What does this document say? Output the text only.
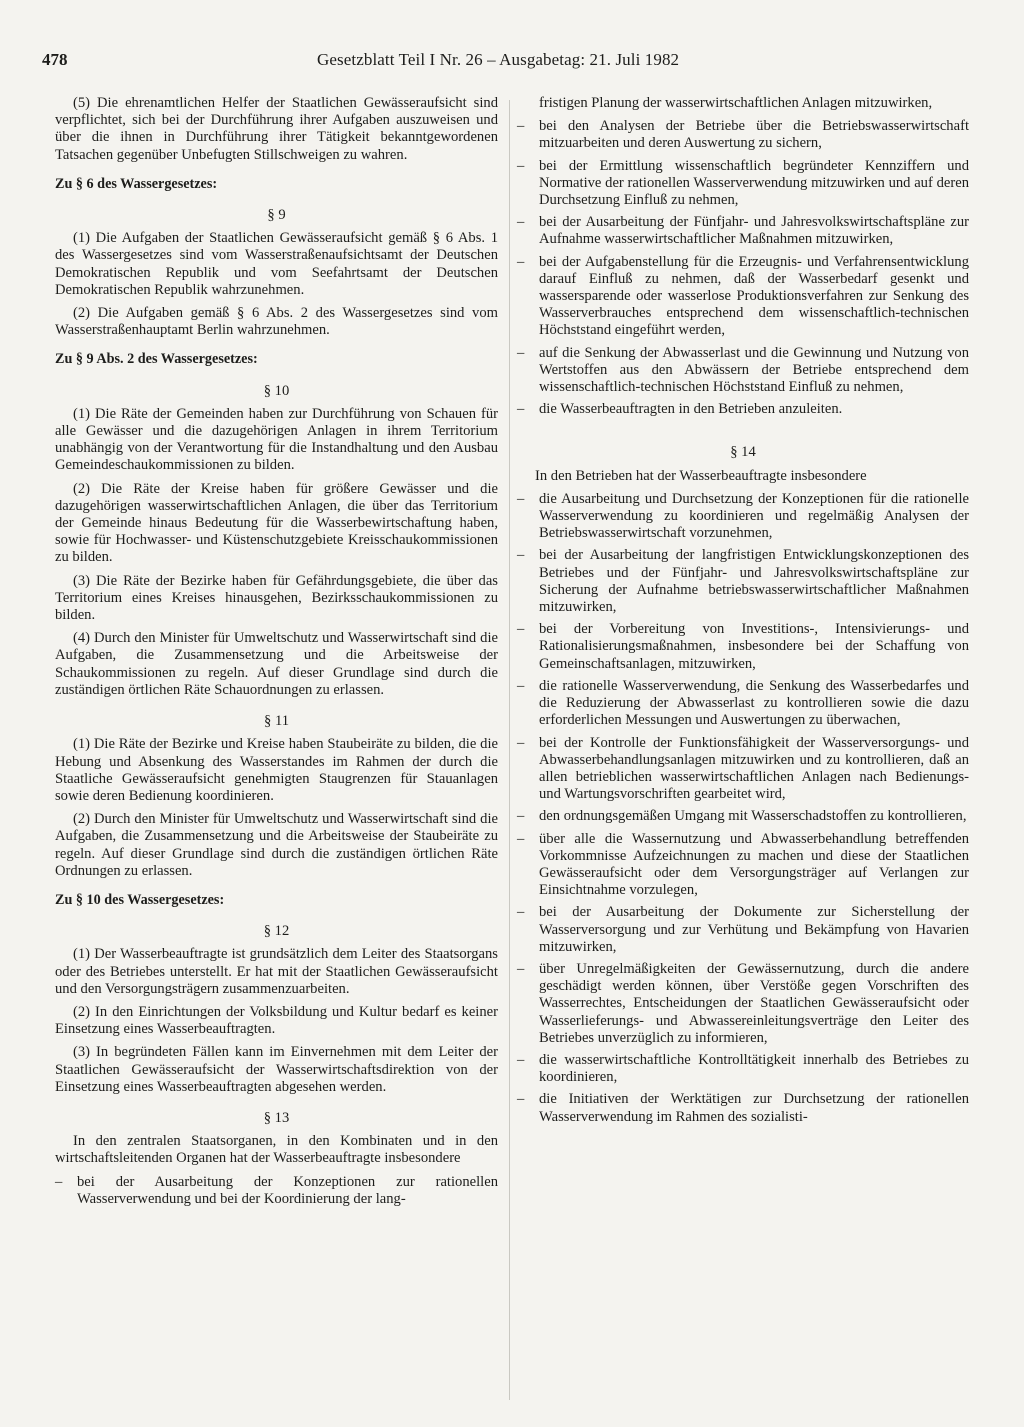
478	Gesetzblatt Teil I Nr. 26 – Ausgabetag: 21. Juli 1982

(5) Die ehrenamtlichen Helfer der Staatlichen Gewässeraufsicht sind verpflichtet, sich bei der Durchführung ihrer Aufgaben auszuweisen und über die ihnen in Durchführung ihrer Tätigkeit bekanntgewordenen Tatsachen gegenüber Unbefugten Stillschweigen zu wahren.

Zu § 6 des Wassergesetzes:
§ 9

(1) Die Aufgaben der Staatlichen Gewässeraufsicht gemäß § 6 Abs. 1 des Wassergesetzes sind vom Wasserstraßenaufsichtsamt der Deutschen Demokratischen Republik und vom Seefahrtsamt der Deutschen Demokratischen Republik wahrzunehmen.

(2) Die Aufgaben gemäß § 6 Abs. 2 des Wassergesetzes sind vom Wasserstraßenhauptamt Berlin wahrzunehmen.

Zu § 9 Abs. 2 des Wassergesetzes:
§ 10

(1) Die Räte der Gemeinden haben zur Durchführung von Schauen für alle Gewässer und die dazugehörigen Anlagen in ihrem Territorium unabhängig von der Verantwortung für die Instandhaltung und den Ausbau Gemeindeschaukommissionen zu bilden.

(2) Die Räte der Kreise haben für größere Gewässer und die dazugehörigen wasserwirtschaftlichen Anlagen, die über das Territorium der Gemeinde hinaus Bedeutung für die Wasserbewirtschaftung haben, sowie für Hochwasser- und Küstenschutzgebiete Kreisschaukommissionen zu bilden.

(3) Die Räte der Bezirke haben für Gefährdungsgebiete, die über das Territorium eines Kreises hinausgehen, Bezirksschaukommissionen zu bilden.

(4) Durch den Minister für Umweltschutz und Wasserwirtschaft sind die Aufgaben, die Zusammensetzung und die Arbeitsweise der Schaukommissionen zu regeln. Auf dieser Grundlage sind durch die zuständigen örtlichen Räte Schauordnungen zu erlassen.

§ 11

(1) Die Räte der Bezirke und Kreise haben Staubeiräte zu bilden, die die Hebung und Absenkung des Wasserstandes im Rahmen der durch die Staatliche Gewässeraufsicht genehmigten Staugrenzen für Stauanlagen sowie deren Bedienung koordinieren.

(2) Durch den Minister für Umweltschutz und Wasserwirtschaft sind die Aufgaben, die Zusammensetzung und die Arbeitsweise der Staubeiräte zu regeln. Auf dieser Grundlage sind durch die zuständigen örtlichen Räte Ordnungen zu erlassen.

Zu § 10 des Wassergesetzes:
§ 12

(1) Der Wasserbeauftragte ist grundsätzlich dem Leiter des Staatsorgans oder des Betriebes unterstellt. Er hat mit der Staatlichen Gewässeraufsicht und den Versorgungsträgern zusammenzuarbeiten.

(2) In den Einrichtungen der Volksbildung und Kultur bedarf es keiner Einsetzung eines Wasserbeauftragten.

(3) In begründeten Fällen kann im Einvernehmen mit dem Leiter der Staatlichen Gewässeraufsicht der Wasserwirtschaftsdirektion von der Einsetzung eines Wasserbeauftragten abgesehen werden.

§ 13

In den zentralen Staatsorganen, in den Kombinaten und in den wirtschaftsleitenden Organen hat der Wasserbeauftragte insbesondere

– bei der Ausarbeitung der Konzeptionen zur rationellen Wasserverwendung und bei der Koordinierung der lang-

fristigen Planung der wasserwirtschaftlichen Anlagen mitzuwirken,

– bei den Analysen der Betriebe über die Betriebswasserwirtschaft mitzuarbeiten und deren Auswertung zu sichern,
– bei der Ermittlung wissenschaftlich begründeter Kennziffern und Normative der rationellen Wasserverwendung mitzuwirken und auf deren Durchsetzung Einfluß zu nehmen,
– bei der Ausarbeitung der Fünfjahr- und Jahresvolkswirtschaftspläne zur Aufnahme wasserwirtschaftlicher Maßnahmen mitzuwirken,
– bei der Aufgabenstellung für die Erzeugnis- und Verfahrensentwicklung darauf Einfluß zu nehmen, daß der Wasserbedarf gesenkt und wassersparende oder wasserlose Produktionsverfahren zur Senkung des Wasserverbrauches entsprechend dem wissenschaftlich-technischen Höchststand eingeführt werden,
– auf die Senkung der Abwasserlast und die Gewinnung und Nutzung von Wertstoffen aus den Abwässern der Betriebe entsprechend dem wissenschaftlich-technischen Höchststand Einfluß zu nehmen,
– die Wasserbeauftragten in den Betrieben anzuleiten.
§ 14

In den Betrieben hat der Wasserbeauftragte insbesondere

– die Ausarbeitung und Durchsetzung der Konzeptionen für die rationelle Wasserverwendung zu koordinieren und regelmäßig Analysen der Betriebswasserwirtschaft vorzunehmen,
– bei der Ausarbeitung der langfristigen Entwicklungskonzeptionen des Betriebes und der Fünfjahr- und Jahresvolkswirtschaftspläne zur Sicherung der Aufnahme betriebswasserwirtschaftlicher Maßnahmen mitzuwirken,
– bei der Vorbereitung von Investitions-, Intensivierungs- und Rationalisierungsmaßnahmen, insbesondere bei der Schaffung von Gemeinschaftsanlagen, mitzuwirken,
– die rationelle Wasserverwendung, die Senkung des Wasserbedarfes und die Reduzierung der Abwasserlast zu kontrollieren sowie die dazu erforderlichen Messungen und Auswertungen zu überwachen,
– bei der Kontrolle der Funktionsfähigkeit der Wasserversorgungs- und Abwasserbehandlungsanlagen mitzuwirken und zu kontrollieren, daß an allen betrieblichen wasserwirtschaftlichen Anlagen nach Bedienungs- und Wartungsvorschriften gearbeitet wird,
– den ordnungsgemäßen Umgang mit Wasserschadstoffen zu kontrollieren,
– über alle die Wassernutzung und Abwasserbehandlung betreffenden Vorkommnisse Aufzeichnungen zu machen und diese der Staatlichen Gewässeraufsicht oder dem Versorgungsträger auf Verlangen zur Einsichtnahme vorzulegen,
– bei der Ausarbeitung der Dokumente zur Sicherstellung der Wasserversorgung und zur Verhütung und Bekämpfung von Havarien mitzuwirken,
– über Unregelmäßigkeiten der Gewässernutzung, durch die andere geschädigt werden können, über Verstöße gegen Vorschriften des Wasserrechtes, Entscheidungen der Staatlichen Gewässeraufsicht oder Wasserlieferungs- und Abwassereinleitungsverträge den Leiter des Betriebes unverzüglich zu informieren,
– die wasserwirtschaftliche Kontrolltätigkeit innerhalb des Betriebes zu koordinieren,
– die Initiativen der Werktätigen zur Durchsetzung der rationellen Wasserverwendung im Rahmen des sozialisti-
